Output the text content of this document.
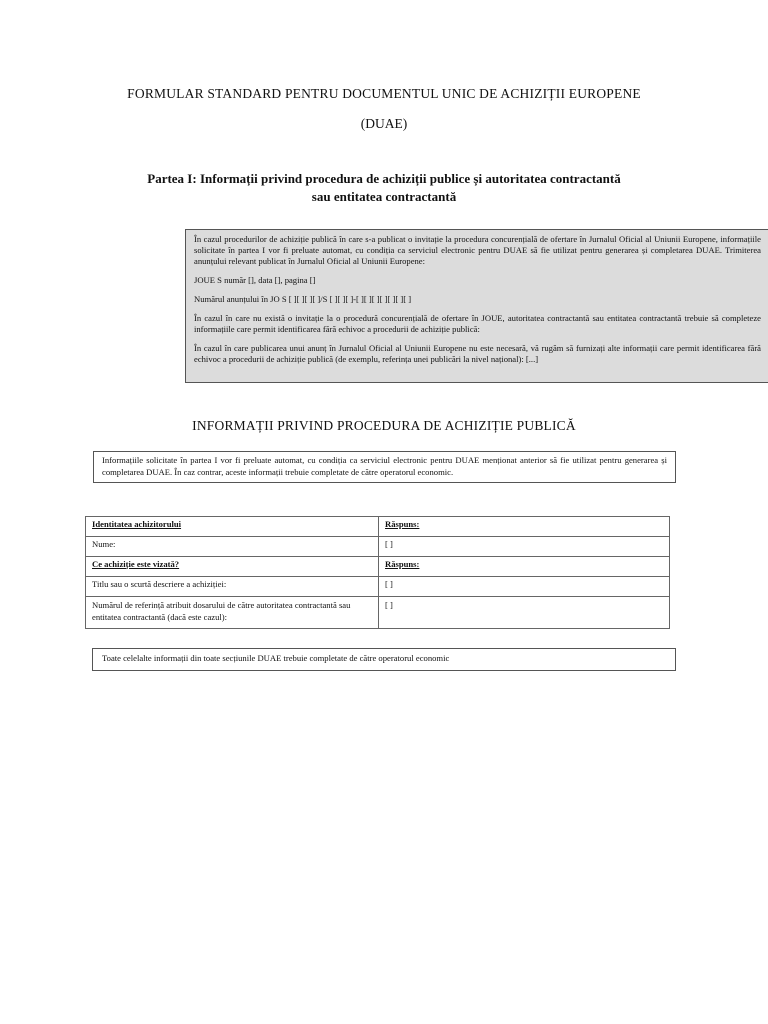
FORMULAR STANDARD PENTRU DOCUMENTUL UNIC DE ACHIZIȚII EUROPENE
(DUAE)
Partea I: Informații privind procedura de achiziții publice și autoritatea contractantă
sau entitatea contractantă

În cazul procedurilor de achiziție publică în care s-a publicat o invitație la procedura concurențială de ofertare în Jurnalul Oficial al Uniunii Europene, informațiile solicitate în partea I vor fi preluate automat, cu condiția ca serviciul electronic pentru DUAE să fie utilizat pentru generarea și completarea DUAE. Trimiterea anunțului relevant publicat în Jurnalul Oficial al Uniunii Europene:

JOUE S număr [], data [], pagina []

Numărul anunțului în JO S [ ][ ][ ][ ]/S [ ][ ][ ]-[ ][ ][ ][ ][ ][ ][ ]

În cazul în care nu există o invitație la o procedură concurențială de ofertare în JOUE, autoritatea contractantă sau entitatea contractantă trebuie să completeze informațiile care permit identificarea fără echivoc a procedurii de achiziție publică:

În cazul în care publicarea unui anunț în Jurnalul Oficial al Uniunii Europene nu este necesară, vă rugăm să furnizați alte informații care permit identificarea fără echivoc a procedurii de achiziție publică (de exemplu, referința unei publicări la nivel național): [...]

INFORMAȚII PRIVIND PROCEDURA DE ACHIZIȚIE PUBLICĂ
Informațiile solicitate în partea I vor fi preluate automat, cu condiția ca serviciul electronic pentru DUAE menționat anterior să fie utilizat pentru generarea și completarea DUAE. În caz contrar, aceste informații trebuie completate de către operatorul economic.
Identitatea achizitorului	Răspuns:
Nume:	[ ]
Ce achiziție este vizată?	Răspuns:
Titlu sau o scurtă descriere a achiziției:	[ ]
Numărul de referință atribuit dosarului de către autoritatea contractantă sau entitatea contractantă (dacă este cazul):	[ ]
Toate celelalte informații din toate secțiunile DUAE trebuie completate de către operatorul economic
